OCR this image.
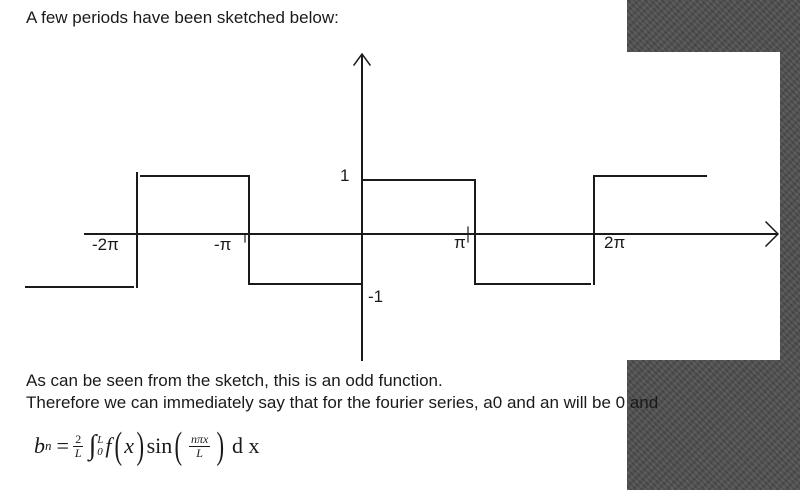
A few periods have been sketched below:

-2π	-π	π	2π
1
-1

As can be seen from the sketch, this is an odd function.

Therefore we can immediately say that for the fourier series, a0 and an will be 0 and

b $n = \frac{2}{L}$ ∫ L
0 f ( x ) sin ( $\frac{\text{nπx}}{L}$ ) d x
